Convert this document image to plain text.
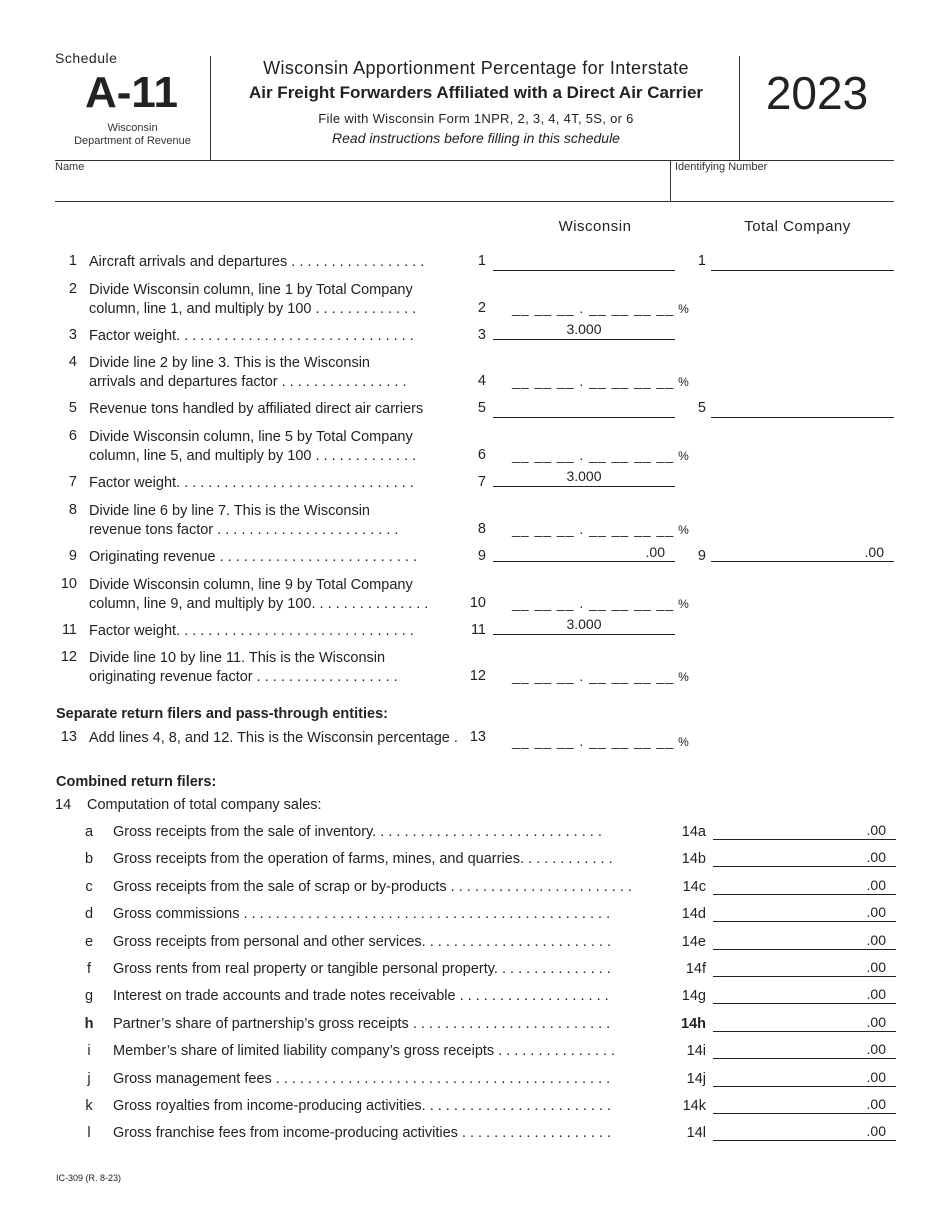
Schedule
A-11
Wisconsin
Department of Revenue
Wisconsin Apportionment Percentage for Interstate
Air Freight Forwarders Affiliated with a Direct Air Carrier
File with Wisconsin Form 1NPR, 2, 3, 4, 4T, 5S, or 6
Read instructions before filling in this schedule
2023
Name	Identifying Number
Wisconsin	Total Company
1 Aircraft arrivals and departures . . . . . . . . . . . . . . . . .	1	1
2 Divide Wisconsin column, line 1 by Total Company
column, line 1, and multiply by 100 . . . . . . . . . . . . .	2 __ __ __ . __ __ __ __ %
3 Factor weight. . . . . . . . . . . . . . . . . . . . . . . . . . . . . .	3	3.000
4 Divide line 2 by line 3. This is the Wisconsin
arrivals and departures factor . . . . . . . . . . . . . . . .	4 __ __ __ . __ __ __ __ %
5 Revenue tons handled by affiliated direct air carriers	5	5
6 Divide Wisconsin column, line 5 by Total Company
column, line 5, and multiply by 100 . . . . . . . . . . . . .	6 __ __ __ . __ __ __ __ %
7 Factor weight. . . . . . . . . . . . . . . . . . . . . . . . . . . . . .	7	3.000
8 Divide line 6 by line 7. This is the Wisconsin
revenue tons factor . . . . . . . . . . . . . . . . . . . . . . .	8 __ __ __ . __ __ __ __ %
9 Originating revenue . . . . . . . . . . . . . . . . . . . . . . . . .	9	.00	9	.00
10 Divide Wisconsin column, line 9 by Total Company
column, line 9, and multiply by 100. . . . . . . . . . . . . . .	10 __ __ __ . __ __ __ __ %
11 Factor weight. . . . . . . . . . . . . . . . . . . . . . . . . . . . . .	11	3.000
12 Divide line 10 by line 11. This is the Wisconsin
originating revenue factor . . . . . . . . . . . . . . . . . .	12 __ __ __ . __ __ __ __ %
Separate return filers and pass-through entities:
13 Add lines 4, 8, and 12. This is the Wisconsin percentage . 13 __ __ __ . __ __ __ __ %
Combined return filers:
14 Computation of total company sales:
a	Gross receipts from the sale of inventory. . . . . . . . . . . . . . . . . . . . . . . . . . . . .	14a	.00
b	Gross receipts from the operation of farms, mines, and quarries. . . . . . . . . . . .	14b	.00
c	Gross receipts from the sale of scrap or by-products . . . . . . . . . . . . . . . . . . . . . . .	14c	.00
d	Gross commissions . . . . . . . . . . . . . . . . . . . . . . . . . . . . . . . . . . . . . . . . . . . . . .	14d	.00
e	Gross receipts from personal and other services. . . . . . . . . . . . . . . . . . . . . . . .	14e	.00
f	Gross rents from real property or tangible personal property. . . . . . . . . . . . . . .	14f	.00
g	Interest on trade accounts and trade notes receivable . . . . . . . . . . . . . . . . . . .	14g	.00
h	Partner’s share of partnership’s gross receipts . . . . . . . . . . . . . . . . . . . . . . . . .	14h	.00
i	Member’s share of limited liability company’s gross receipts . . . . . . . . . . . . . . .	14i	.00
j	Gross management fees . . . . . . . . . . . . . . . . . . . . . . . . . . . . . . . . . . . . . . . . . .	14j	.00
k	Gross royalties from income-producing activities. . . . . . . . . . . . . . . . . . . . . . . .	14k	.00
l	Gross franchise fees from income-producing activities . . . . . . . . . . . . . . . . . . .	14l	.00
IC-309 (R. 8-23)
